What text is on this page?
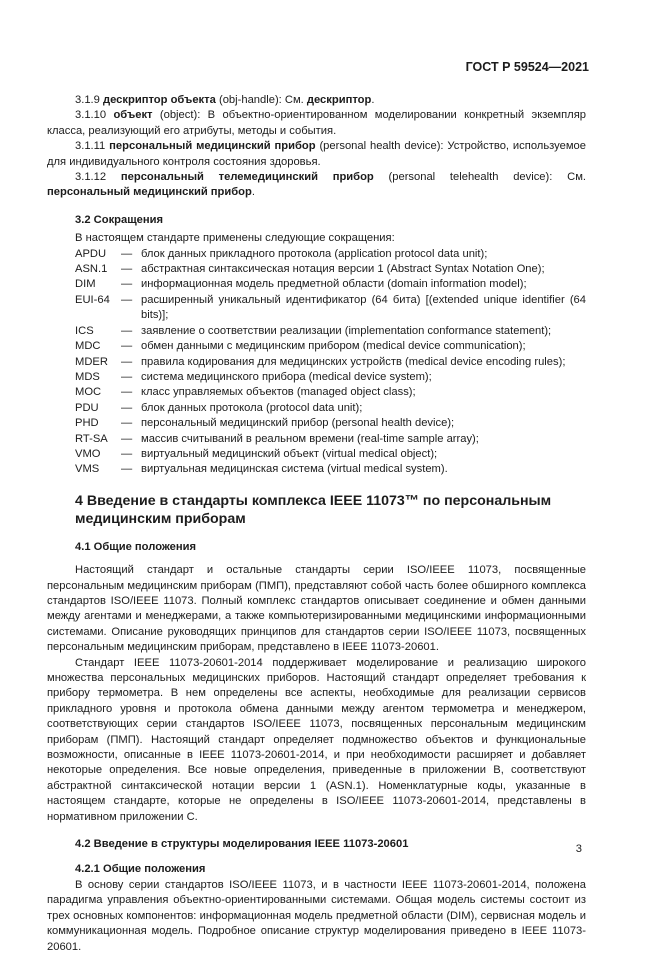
ГОСТ Р 59524—2021

3.1.9 дескриптор объекта (obj-handle): См. дескриптор.

3.1.10 объект (object): В объектно-ориентированном моделировании конкретный экземпляр класса, реализующий его атрибуты, методы и события.

3.1.11 персональный медицинский прибор (personal health device): Устройство, используемое для индивидуального контроля состояния здоровья.

3.1.12 персональный телемедицинский прибор (personal telehealth device): См. персональный медицинский прибор.

3.2 Сокращения

В настоящем стандарте применены следующие сокращения:

APDU	— блок данных прикладного протокола (application protocol data unit);
ASN.1	— абстрактная синтаксическая нотация версии 1 (Abstract Syntax Notation One);
DIM	— информационная модель предметной области (domain information model);
EUI-64 — расширенный уникальный идентификатор (64 бита) [(extended unique identifier (64 bits)];
ICS	— заявление о соответствии реализации (implementation conformance statement);
MDC	— обмен данными с медицинским прибором (medical device communication);
MDER	— правила кодирования для медицинских устройств (medical device encoding rules);
MDS	— система медицинского прибора (medical device system);
MOC	— класс управляемых объектов (managed object class);
PDU	— блок данных протокола (protocol data unit);
PHD	— персональный медицинский прибор (personal health device);
RT-SA	— массив считываний в реальном времени (real-time sample array);
VMO	— виртуальный медицинский объект (virtual medical object);
VMS	— виртуальная медицинская система (virtual medical system).
4 Введение в стандарты комплекса IEEE 11073™ по персональным медицинским приборам
4.1 Общие положения

Настоящий стандарт и остальные стандарты серии ISO/IEEE 11073, посвященные персональным медицинским приборам (ПМП), представляют собой часть более обширного комплекса стандартов ISO/IEEE 11073. Полный комплекс стандартов описывает соединение и обмен данными между агентами и менеджерами, а также компьютеризированными медицинскими информационными системами. Описание руководящих принципов для стандартов серии ISO/IEEE 11073, посвященных персональным медицинским приборам, представлено в IEEE 11073-20601.

Стандарт IEEE 11073-20601-2014 поддерживает моделирование и реализацию широкого множества персональных медицинских приборов. Настоящий стандарт определяет требования к прибору термометра. В нем определены все аспекты, необходимые для реализации сервисов прикладного уровня и протокола обмена данными между агентом термометра и менеджером, соответствующих серии стандартов ISO/IEEE 11073, посвященных персональным медицинским приборам (ПМП). Настоящий стандарт определяет подмножество объектов и функциональные возможности, описанные в IEEE 11073-20601-2014, и при необходимости расширяет и добавляет некоторые определения. Все новые определения, приведенные в приложении B, соответствуют абстрактной синтаксической нотации версии 1 (ASN.1). Номенклатурные коды, указанные в настоящем стандарте, которые не определены в ISO/IEEE 11073-20601-2014, представлены в нормативном приложении C.

4.2 Введение в структуры моделирования IEEE 11073-20601
4.2.1 Общие положения

В основу серии стандартов ISO/IEEE 11073, и в частности IEEE 11073-20601-2014, положена парадигма управления объектно-ориентированными системами. Общая модель системы состоит из трех основных компонентов: информационная модель предметной области (DIM), сервисная модель и коммуникационная модель. Подробное описание структур моделирования приведено в IEEE 11073-20601.

3
